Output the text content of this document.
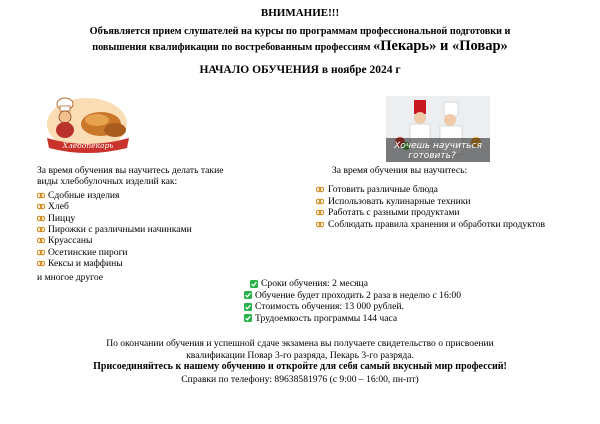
ВНИМАНИЕ!!!
Объявляется прием слушателей на курсы по программам профессиональной подготовки и
повышения квалификации по востребованным профессиям «Пекарь» и «Повар»
НАЧАЛО ОБУЧЕНИЯ в ноябре 2024 г
Хлебопекарь	Хочешь научиться
готовить?
За время обучения вы научитесь делать такие
виды хлебобулочных изделий как:
Сдобные изделия
Хлеб
Пиццу
Пирожки с различными начинками
Круассаны
Осетинские пироги
Кексы и маффины
и многое другое
За время обучения вы научитесь:
Готовить различные блюда
Использовать кулинарные техники
Работать с разными продуктами
Соблюдать правила хранения и обработки продуктов
Сроки обучения: 2 месяца
Обучение будет проходить 2 раза в неделю с 16:00
Стоимость обучения: 13 000 рублей.
Трудоемкость программы 144 часа
По окончании обучения и успешной сдаче экзамена вы получаете свидетельство о присвоении
квалификации Повар 3-го разряда, Пекарь 3-го разряда.
Присоединяйтесь к нашему обучению и откройте для себя самый вкусный мир профессий!
Справки по телефону: 89638581976 (с 9:00 – 16:00, пн-пт)
